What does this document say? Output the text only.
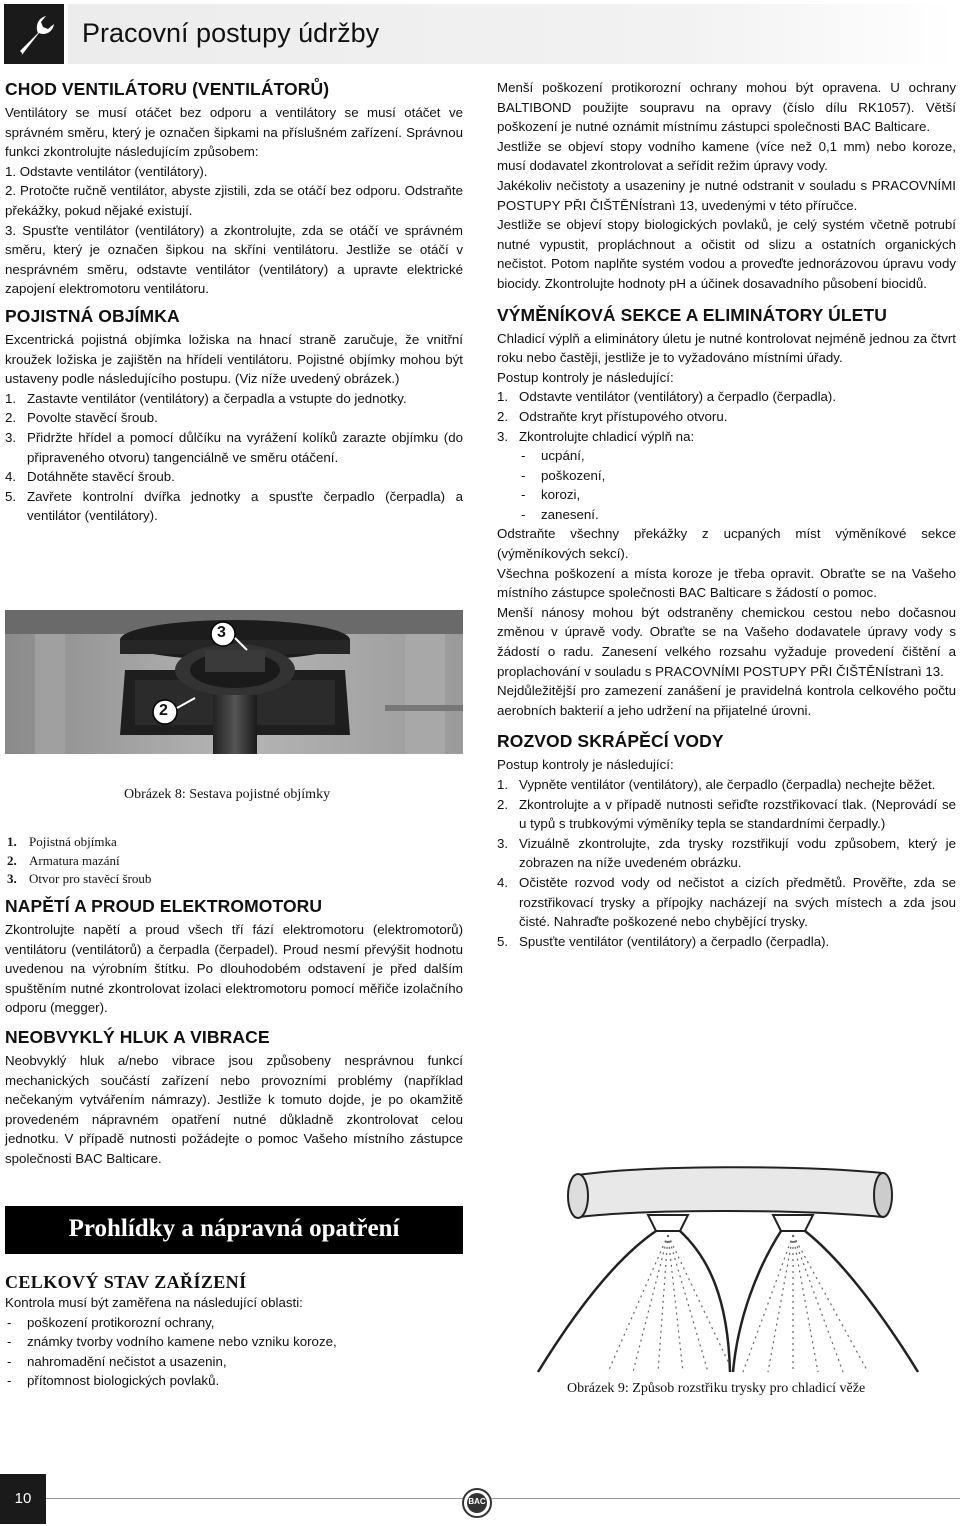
Pracovní postupy údržby
CHOD VENTILÁTORU (VENTILÁTORŮ)

Ventilátory se musí otáčet bez odporu a ventilátory se musí otáčet ve správném směru, který je označen šipkami na příslušném zařízení. Správnou funkci zkontrolujte následujícím způsobem:

1. Odstavte ventilátor (ventilátory).
2. Protočte ručně ventilátor, abyste zjistili, zda se otáčí bez odporu. Odstraňte překážky, pokud nějaké existují.
3. Spusťte ventilátor (ventilátory) a zkontrolujte, zda se otáčí ve správném směru, který je označen šipkou na skříni ventilátoru. Jestliže se otáčí v nesprávném směru, odstavte ventilátor (ventilátory) a upravte elektrické zapojení elektromotoru ventilátoru.
POJISTNÁ OBJÍMKA

Excentrická pojistná objímka ložiska na hnací straně zaručuje, že vnitřní kroužek ložiska je zajištěn na hřídeli ventilátoru. Pojistné objímky mohou být ustaveny podle následujícího postupu. (Viz níže uvedený obrázek.)

1. Zastavte ventilátor (ventilátory) a čerpadla a vstupte do jednotky.
2. Povolte stavěcí šroub.
3. Přidržte hřídel a pomocí důlčíku na vyrážení kolíků zarazte objímku (do připraveného otvoru) tangenciálně ve směru otáčení.
4. Dotáhněte stavěcí šroub.
5. Zavřete kontrolní dvířka jednotky a spusťte čerpadlo (čerpadla) a ventilátor (ventilátory).
3
2
Obrázek 8: Sestava pojistné objímky
1. Pojistná objímka
2. Armatura mazání
3. Otvor pro stavěcí šroub
NAPĚTÍ A PROUD ELEKTROMOTORU

Zkontrolujte napětí a proud všech tří fází elektromotoru (elektromotorů) ventilátoru (ventilátorů) a čerpadla (čerpadel). Proud nesmí převýšit hodnotu uvedenou na výrobním štítku. Po dlouhodobém odstavení je před dalším spuštěním nutné zkontrolovat izolaci elektromotoru pomocí měřiče izolačního odporu (megger).

NEOBVYKLÝ HLUK A VIBRACE

Neobvyklý hluk a/nebo vibrace jsou způsobeny nesprávnou funkcí mechanických součástí zařízení nebo provozními problémy (například nečekaným vytvářením námrazy). Jestliže k tomuto dojde, je po okamžitě provedeném nápravném opatření nutné důkladně zkontrolovat celou jednotku. V případě nutnosti požádejte o pomoc Vašeho místního zástupce společnosti BAC Balticare.

Prohlídky a nápravná opatření
CELKOVÝ STAV ZAŘÍZENÍ

Kontrola musí být zaměřena na následující oblasti:

- poškození protikorozní ochrany,
- známky tvorby vodního kamene nebo vzniku koroze,
- nahromadění nečistot a usazenin,
- přítomnost biologických povlaků.

Menší poškození protikorozní ochrany mohou být opravena. U ochrany BALTIBOND použijte soupravu na opravy (číslo dílu RK1057). Větší poškození je nutné oznámit místnímu zástupci společnosti BAC Balticare.

Jestliže se objeví stopy vodního kamene (více než 0,1 mm) nebo koroze, musí dodavatel zkontrolovat a seřídit režim úpravy vody.

Jakékoliv nečistoty a usazeniny je nutné odstranit v souladu s PRACOVNÍMI POSTUPY PŘI ČIŠTĚNÍstranì 13, uvedenými v této příručce.

Jestliže se objeví stopy biologických povlaků, je celý systém včetně potrubí nutné vypustit, propláchnout a očistit od slizu a ostatních organických nečistot. Potom naplňte systém vodou a proveďte jednorázovou úpravu vody biocidy. Zkontrolujte hodnoty pH a účinek dosavadního působení biocidů.

VÝMĚNÍKOVÁ SEKCE A ELIMINÁTORY ÚLETU

Chladicí výplň a eliminátory úletu je nutné kontrolovat nejméně jednou za čtvrt roku nebo častěji, jestliže je to vyžadováno místními úřady.

Postup kontroly je následující:

1. Odstavte ventilátor (ventilátory) a čerpadlo (čerpadla).
2. Odstraňte kryt přístupového otvoru.
3. Zkontrolujte chladicí výplň na:
- ucpání,
- poškození,
- korozi,
- zanesení.

Odstraňte všechny překážky z ucpaných míst výměníkové sekce (výměníkových sekcí).

Všechna poškození a místa koroze je třeba opravit. Obraťte se na Vašeho místního zástupce společnosti BAC Balticare s žádostí o pomoc.

Menší nánosy mohou být odstraněny chemickou cestou nebo dočasnou změnou v úpravě vody. Obraťte se na Vašeho dodavatele úpravy vody s žádostí o radu. Zanesení velkého rozsahu vyžaduje provedení čištění a proplachování v souladu s PRACOVNÍMI POSTUPY PŘI ČIŠTĚNÍstranì 13.

Nejdůležitější pro zamezení zanášení je pravidelná kontrola celkového počtu aerobních bakterií a jeho udržení na přijatelné úrovni.

ROZVOD SKRÁPĚCÍ VODY

Postup kontroly je následující:

1. Vypněte ventilátor (ventilátory), ale čerpadlo (čerpadla) nechejte běžet.
2. Zkontrolujte a v případě nutnosti seřiďte rozstřikovací tlak. (Neprovádí se u typů s trubkovými výměníky tepla se standardními čerpadly.)
3. Vizuálně zkontrolujte, zda trysky rozstřikují vodu způsobem, který je zobrazen na níže uvedeném obrázku.
4. Očistěte rozvod vody od nečistot a cizích předmětů. Prověřte, zda se rozstřikovací trysky a přípojky nacházejí na svých místech a zda jsou čisté. Nahraďte poškozené nebo chybějící trysky.
5. Spusťte ventilátor (ventilátory) a čerpadlo (čerpadla).
Obrázek 9: Způsob rozstřiku trysky pro chladicí věže
10	BAC
